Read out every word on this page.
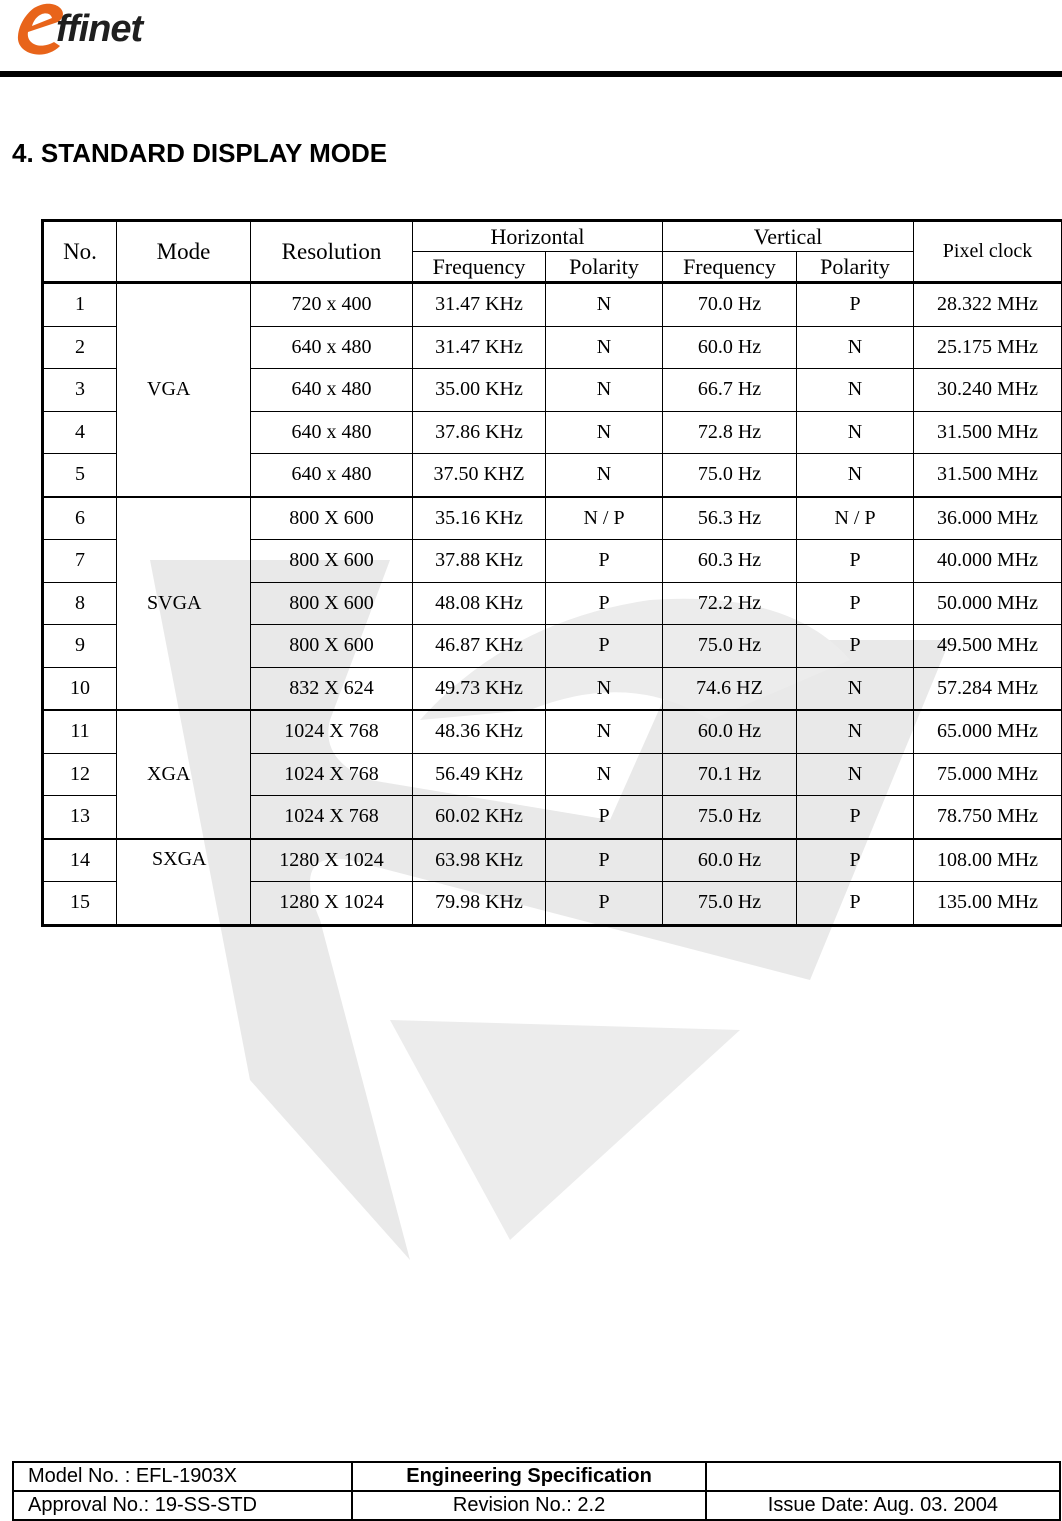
ffinet
4. STANDARD DISPLAY MODE
No.	Mode	Resolution	Horizontal		Vertical		Pixel clock
			Frequency	Polarity	Frequency	Polarity	
1	VGA	720 x 400	31.47 KHz	N	70.0 Hz	P	28.322 MHz
2		640 x 480	31.47 KHz	N	60.0 Hz	N	25.175 MHz
3		640 x 480	35.00 KHz	N	66.7 Hz	N	30.240 MHz
4		640 x 480	37.86 KHz	N	72.8 Hz	N	31.500 MHz
5		640 x 480	37.50 KHZ	N	75.0 Hz	N	31.500 MHz
6	SVGA	800 X 600	35.16 KHz	N / P	56.3 Hz	N / P	36.000 MHz
7		800 X 600	37.88 KHz	P	60.3 Hz	P	40.000 MHz
8		800 X 600	48.08 KHz	P	72.2 Hz	P	50.000 MHz
9		800 X 600	46.87 KHz	P	75.0 Hz	P	49.500 MHz
10		832 X 624	49.73 KHz	N	74.6 HZ	N	57.284 MHz
11	XGA	1024 X 768	48.36 KHz	N	60.0 Hz	N	65.000 MHz
12		1024 X 768	56.49 KHz	N	70.1 Hz	N	75.000 MHz
13		1024 X 768	60.02 KHz	P	75.0 Hz	P	78.750 MHz
14	SXGA	1280 X 1024	63.98 KHz	P	60.0 Hz	P	108.00 MHz
15		1280 X 1024	79.98 KHz	P	75.0 Hz	P	135.00 MHz
Model No. : EFL-1903X	Engineering Specification	
Approval No.: 19-SS-STD	Revision No.: 2.2	Issue Date: Aug. 03. 2004
